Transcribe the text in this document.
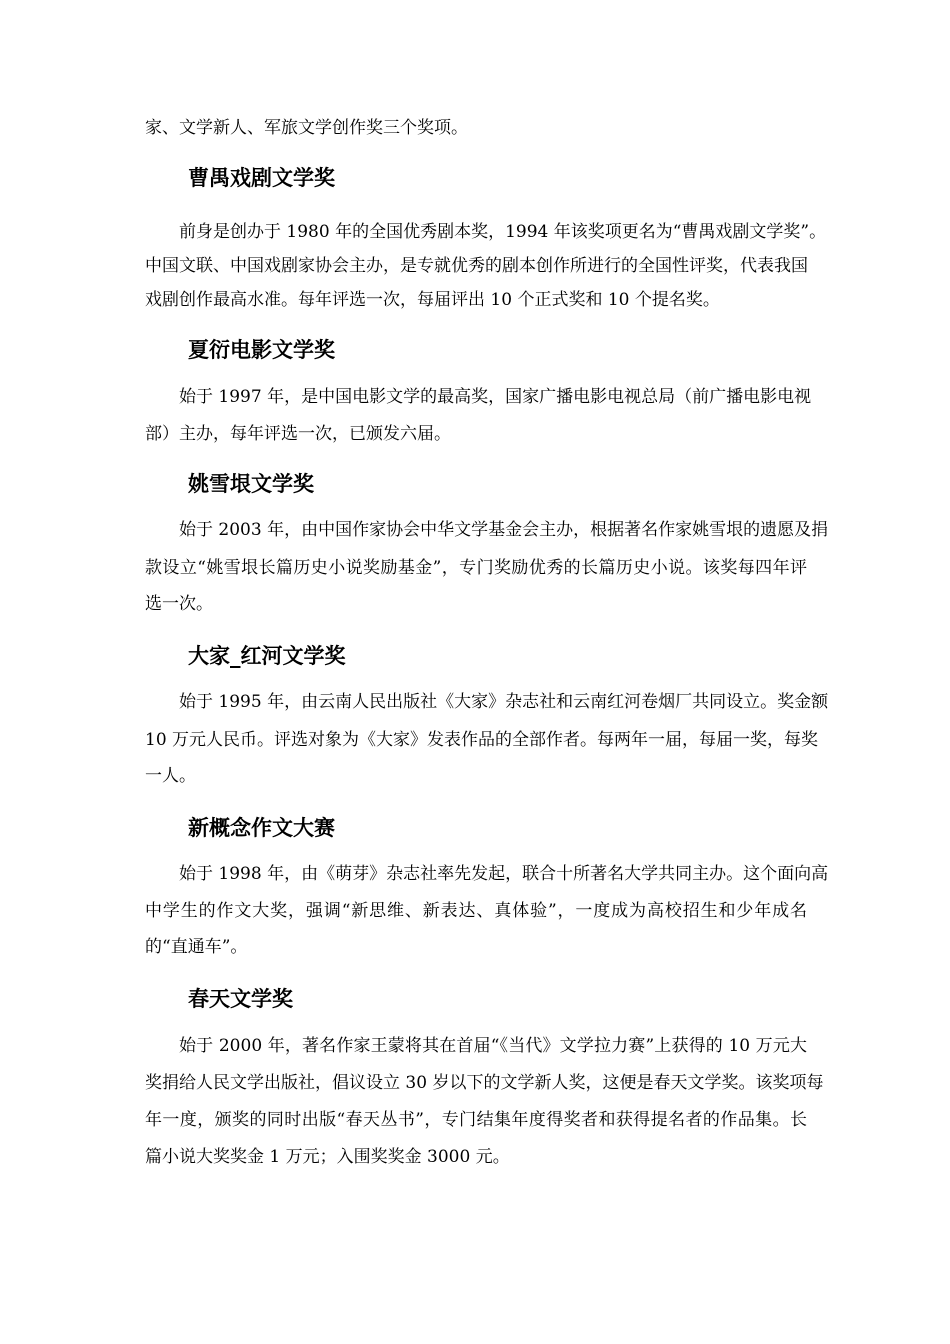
家、文学新人、军旅文学创作奖三个奖项。
曹禺戏剧文学奖
前身是创办于 1980 年的全国优秀剧本奖，1994 年该奖项更名为“曹禺戏剧文学奖”。
中国文联、中国戏剧家协会主办，是专就优秀的剧本创作所进行的全国性评奖，代表我国
戏剧创作最高水准。每年评选一次，每届评出 10 个正式奖和 10 个提名奖。
夏衍电影文学奖
始于 1997 年，是中国电影文学的最高奖，国家广播电影电视总局（前广播电影电视
部）主办，每年评选一次，已颁发六届。
姚雪垠文学奖
始于 2003 年，由中国作家协会中华文学基金会主办，根据著名作家姚雪垠的遗愿及捐
款设立“姚雪垠长篇历史小说奖励基金”，专门奖励优秀的长篇历史小说。该奖每四年评
选一次。
大家_红河文学奖
始于 1995 年，由云南人民出版社《大家》杂志社和云南红河卷烟厂共同设立。奖金额
10 万元人民币。评选对象为《大家》发表作品的全部作者。每两年一届，每届一奖，每奖
一人。
新概念作文大赛
始于 1998 年，由《萌芽》杂志社率先发起，联合十所著名大学共同主办。这个面向高
中学生的作文大奖，强调“新思维、新表达、真体验”，一度成为高校招生和少年成名
的“直通车”。
春天文学奖
始于 2000 年，著名作家王蒙将其在首届“《当代》文学拉力赛”上获得的 10 万元大
奖捐给人民文学出版社，倡议设立 30 岁以下的文学新人奖，这便是春天文学奖。该奖项每
年一度，颁奖的同时出版“春天丛书”，专门结集年度得奖者和获得提名者的作品集。长
篇小说大奖奖金 1 万元；入围奖奖金 3000 元。
